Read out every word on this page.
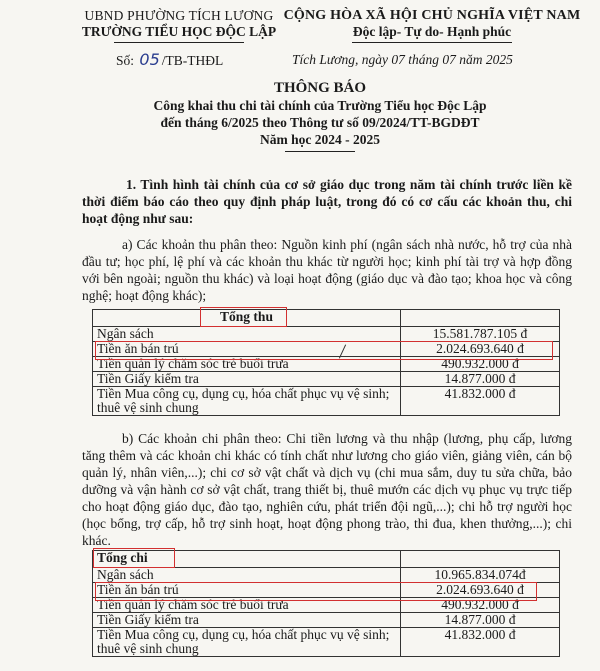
UBND PHƯỜNG TÍCH LƯƠNG
TRƯỜNG TIỂU HỌC ĐỘC LẬP
CỘNG HÒA XÃ HỘI CHỦ NGHĨA VIỆT NAM
Độc lập- Tự do- Hạnh phúc
Số: 05 /TB-THĐL	Tích Lương, ngày 07 tháng 07 năm 2025
THÔNG BÁO
Công khai thu chi tài chính của Trường Tiểu học Độc Lập
đến tháng 6/2025 theo Thông tư số 09/2024/TT-BGDĐT
Năm học 2024 - 2025
1. Tình hình tài chính của cơ sở giáo dục trong năm tài chính trước liền kề thời điểm báo cáo theo quy định pháp luật, trong đó có cơ cấu các khoản thu, chi hoạt động như sau:
a) Các khoản thu phân theo: Nguồn kinh phí (ngân sách nhà nước, hỗ trợ của nhà đầu tư; học phí, lệ phí và các khoản thu khác từ người học; kinh phí tài trợ và hợp đồng với bên ngoài; nguồn thu khác) và loại hoạt động (giáo dục và đào tạo; khoa học và công nghệ; hoạt động khác);
Tổng thu	
Ngân sách	15.581.787.105 đ
Tiền ăn bán trú	2.024.693.640 đ
Tiền quản lý chăm sóc trẻ buổi trưa	490.932.000 đ
Tiền Giấy kiểm tra	14.877.000 đ
Tiền Mua công cụ, dụng cụ, hóa chất phục vụ vệ sinh; thuê vệ sinh chung	41.832.000 đ
b) Các khoản chi phân theo: Chi tiền lương và thu nhập (lương, phụ cấp, lương tăng thêm và các khoản chi khác có tính chất như lương cho giáo viên, giảng viên, cán bộ quản lý, nhân viên,...); chi cơ sở vật chất và dịch vụ (chi mua sắm, duy tu sửa chữa, bảo dưỡng và vận hành cơ sở vật chất, trang thiết bị, thuê mướn các dịch vụ phục vụ trực tiếp cho hoạt động giáo dục, đào tạo, nghiên cứu, phát triển đội ngũ,...); chi hỗ trợ người học (học bổng, trợ cấp, hỗ trợ sinh hoạt, hoạt động phong trào, thi đua, khen thưởng,...); chi khác.
Tổng chi	
Ngân sách	10.965.834.074đ
Tiền ăn bán trú	2.024.693.640 đ
Tiền quản lý chăm sóc trẻ buổi trưa	490.932.000 đ
Tiền Giấy kiểm tra	14.877.000 đ
Tiền Mua công cụ, dụng cụ, hóa chất phục vụ vệ sinh; thuê vệ sinh chung	41.832.000 đ
